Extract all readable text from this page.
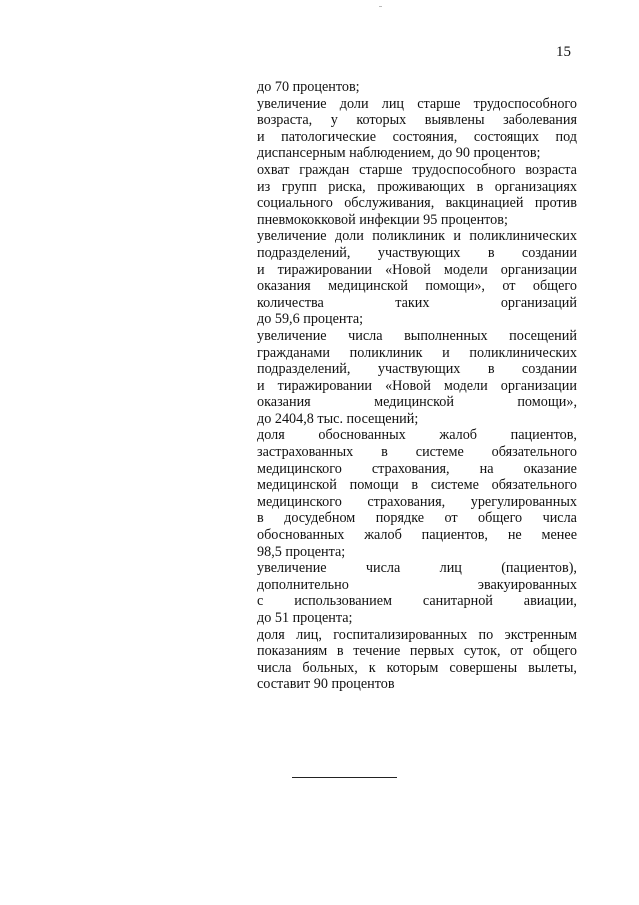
15
до 70 процентов;
увеличение доли лиц старше трудоспособного
возраста, у которых выявлены заболевания
и патологические состояния, состоящих под
диспансерным наблюдением, до 90 процентов;
охват граждан старше трудоспособного возраста
из групп риска, проживающих в организациях
социального обслуживания, вакцинацией против
пневмококковой инфекции 95 процентов;
увеличение доли поликлиник и поликлинических
подразделений, участвующих в создании
и тиражировании «Новой модели организации
оказания медицинской помощи», от общего
количества	таких	организаций
до 59,6 процента;
увеличение числа выполненных посещений
гражданами поликлиник и поликлинических
подразделений, участвующих в создании
и тиражировании «Новой модели организации
оказания	медицинской	помощи»,
до 2404,8 тыс. посещений;
доля обоснованных жалоб пациентов,
застрахованных в системе обязательного
медицинского страхования, на оказание
медицинской помощи в системе обязательного
медицинского страхования, урегулированных
в досудебном порядке от общего числа
обоснованных жалоб пациентов, не менее
98,5 процента;
увеличение	числа	лиц	(пациентов),
дополнительно	эвакуированных
с использованием санитарной авиации,
до 51 процента;
доля лиц, госпитализированных по экстренным
показаниям в течение первых суток, от общего
числа больных, к которым совершены вылеты,
составит 90 процентов
